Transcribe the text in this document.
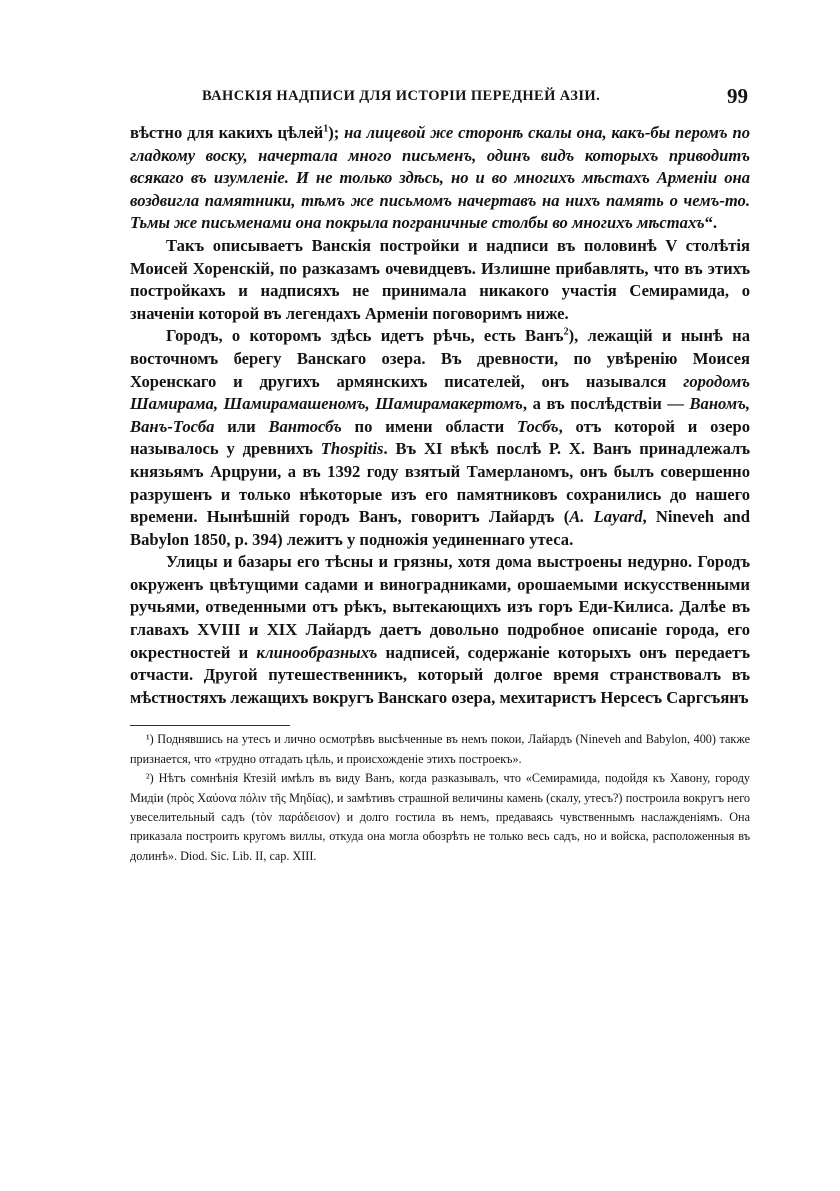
ВАНСКІЯ НАДПИСИ ДЛЯ ИСТОРІИ ПЕРЕДНЕЙ АЗІИ.	99

вѣстно для какихъ цѣлей$^1$); на лицевой же сторонѣ скалы она, какъ-бы перомъ по гладкому воску, начертала много письменъ, одинъ видъ которыхъ приводитъ всякаго въ изумленіе. И не только здѣсь, но и во многихъ мѣстахъ Арменіи она воздвигла памятники, тѣмъ же письмомъ начертавъ на нихъ память о чемъ-то. Тьмы же письменами она покрыла пограничные столбы во многихъ мѣстахъ“.

Такъ описываетъ Ванскія постройки и надписи въ половинѣ V столѣтія Моисей Хоренскій, по разказамъ очевидцевъ. Излишне прибавлять, что въ этихъ постройкахъ и надписяхъ не принимала никакого участія Семирамида, о значеніи которой въ легендахъ Арменіи поговоримъ ниже.

Городъ, о которомъ здѣсь идетъ рѣчь, есть Ванъ$^2$), лежащій и нынѣ на восточномъ берегу Ванскаго озера. Въ древности, по увѣренію Моисея Хоренскаго и другихъ армянскихъ писателей, онъ назывался городомъ Шамирама, Шамирамашеномъ, Шамирамакертомъ, а въ послѣдствіи — Ваномъ, Ванъ-Тосба или Вантосбъ по имени области Тосбъ, отъ которой и озеро называлось у древнихъ Thospitis. Въ XI вѣкѣ послѣ Р. Х. Ванъ принадлежалъ князьямъ Арцруни, а въ 1392 году взятый Тамерланомъ, онъ былъ совершенно разрушенъ и только нѣкоторые изъ его памятниковъ сохранились до нашего времени. Нынѣшній городъ Ванъ, говоритъ Лайардъ (A. Layard, Nineveh and Babylon 1850, p. 394) лежитъ у подножія уединеннаго утеса.

Улицы и базары его тѣсны и грязны, хотя дома выстроены недурно. Городъ окруженъ цвѣтущими садами и виноградниками, орошаемыми искусственными ручьями, отведенными отъ рѣкъ, вытекающихъ изъ горъ Еди-Килиса. Далѣе въ главахъ XVIII и XIX Лайардъ даетъ довольно подробное описаніе города, его окрестностей и клинообразныхъ надписей, содержаніе которыхъ онъ передаетъ отчасти. Другой путешественникъ, который долгое время странствовалъ въ мѣстностяхъ лежащихъ вокругъ Ванскаго озера, мехитаристъ Нерсесъ Саргсъянъ

¹) Поднявшись на утесъ и лично осмотрѣвъ высѣченные въ немъ покои, Лайардъ (Nineveh and Babylon, 400) также признается, что «трудно отгадать цѣль, и происхожденіе этихъ построекъ».

²) Нѣтъ сомнѣнія Ктезій имѣлъ въ виду Ванъ, когда разказывалъ, что «Семирамида, подойдя къ Хавону, городу Мидіи (πρὸς Χαύονα πόλιν τῆς Μηδίας), и замѣтивъ страшной величины камень (скалу, утесъ?) построила вокругъ него увеселительный садъ (τὸν παράδεισον) и долго гостила въ немъ, предаваясь чувственнымъ наслажденіямъ. Она приказала построить кругомъ виллы, откуда она могла обозрѣть не только весь садъ, но и войска, расположенныя въ долинѣ». Diod. Sic. Lib. II, cap. XIII.
